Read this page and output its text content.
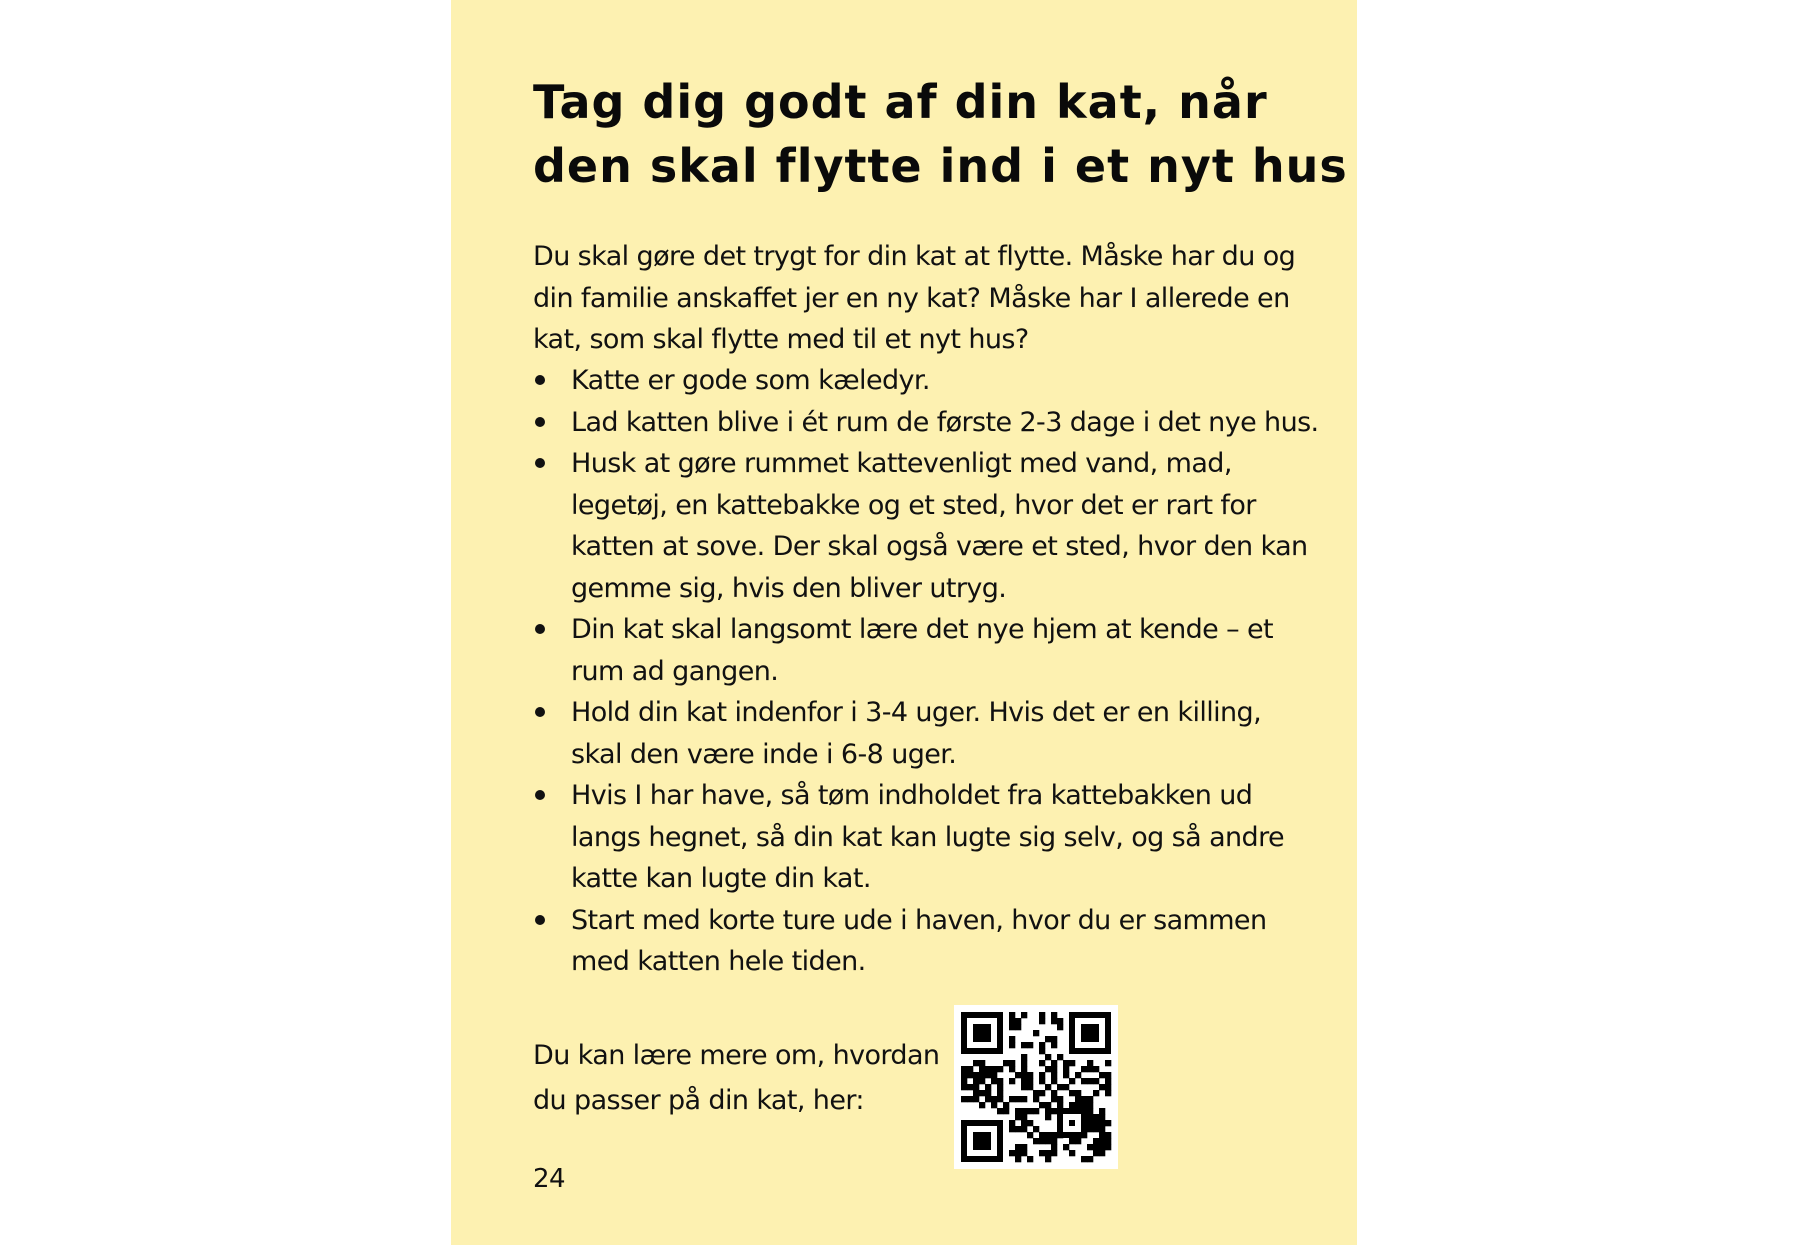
Tag dig godt af din kat, når
den skal flytte ind i et nyt hus

Du skal gøre det trygt for din kat at flytte. Måske har du og
din familie anskaffet jer en ny kat? Måske har I allerede en
kat, som skal flytte med til et nyt hus?

Katte er gode som kæledyr.
Lad katten blive i ét rum de første 2-3 dage i det nye hus.
Husk at gøre rummet kattevenligt med vand, mad,
legetøj, en kattebakke og et sted, hvor det er rart for
katten at sove. Der skal også være et sted, hvor den kan
gemme sig, hvis den bliver utryg.
Din kat skal langsomt lære det nye hjem at kende – et
rum ad gangen.
Hold din kat indenfor i 3-4 uger. Hvis det er en killing,
skal den være inde i 6-8 uger.
Hvis I har have, så tøm indholdet fra kattebakken ud
langs hegnet, så din kat kan lugte sig selv, og så andre
katte kan lugte din kat.
Start med korte ture ude i haven, hvor du er sammen
med katten hele tiden.

Du kan lære mere om, hvordan
du passer på din kat, her:

24
